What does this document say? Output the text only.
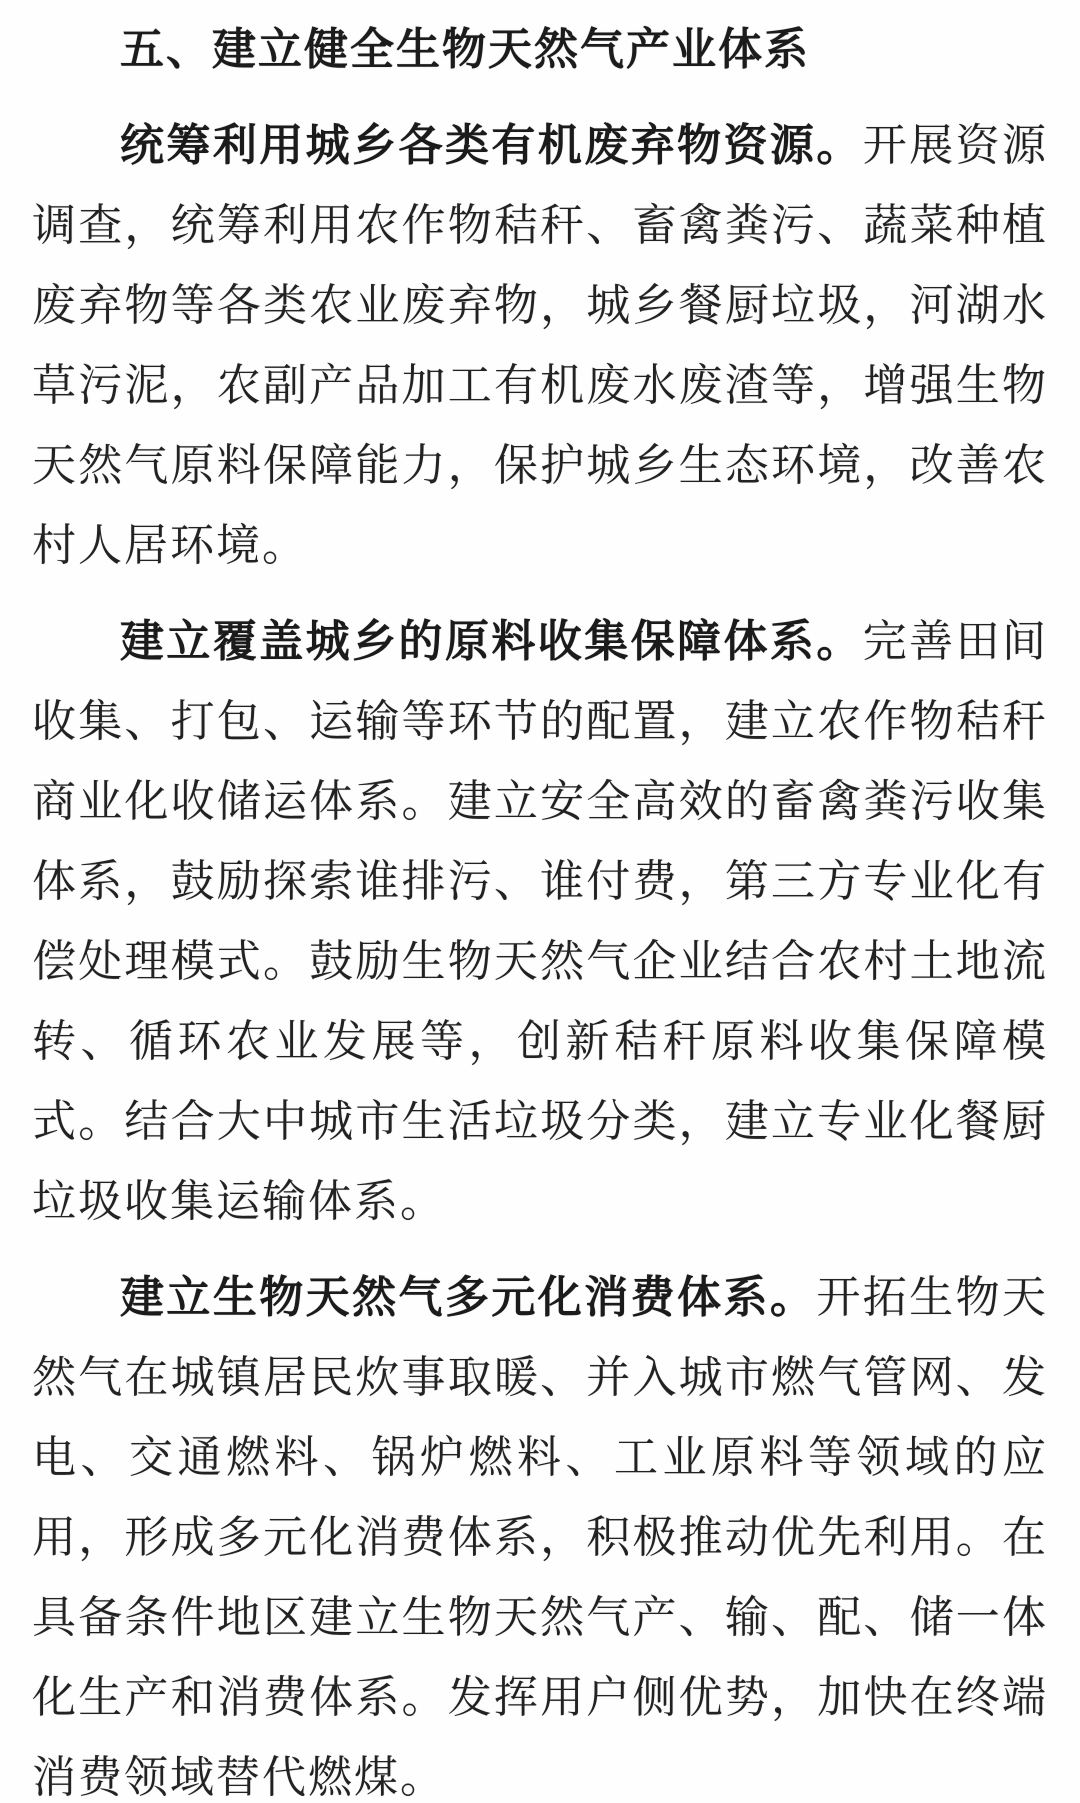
五、建立健全生物天然气产业体系

统筹利用城乡各类有机废弃物资源。开展资源调查，统筹利用农作物秸秆、畜禽粪污、蔬菜种植废弃物等各类农业废弃物，城乡餐厨垃圾，河湖水草污泥，农副产品加工有机废水废渣等，增强生物天然气原料保障能力，保护城乡生态环境，改善农村人居环境。

建立覆盖城乡的原料收集保障体系。完善田间收集、打包、运输等环节的配置，建立农作物秸秆商业化收储运体系。建立安全高效的畜禽粪污收集体系，鼓励探索谁排污、谁付费，第三方专业化有偿处理模式。鼓励生物天然气企业结合农村土地流转、循环农业发展等，创新秸秆原料收集保障模式。结合大中城市生活垃圾分类，建立专业化餐厨垃圾收集运输体系。

建立生物天然气多元化消费体系。开拓生物天然气在城镇居民炊事取暖、并入城市燃气管网、发电、交通燃料、锅炉燃料、工业原料等领域的应用，形成多元化消费体系，积极推动优先利用。在具备条件地区建立生物天然气产、输、配、储一体化生产和消费体系。发挥用户侧优势，加快在终端消费领域替代燃煤。
